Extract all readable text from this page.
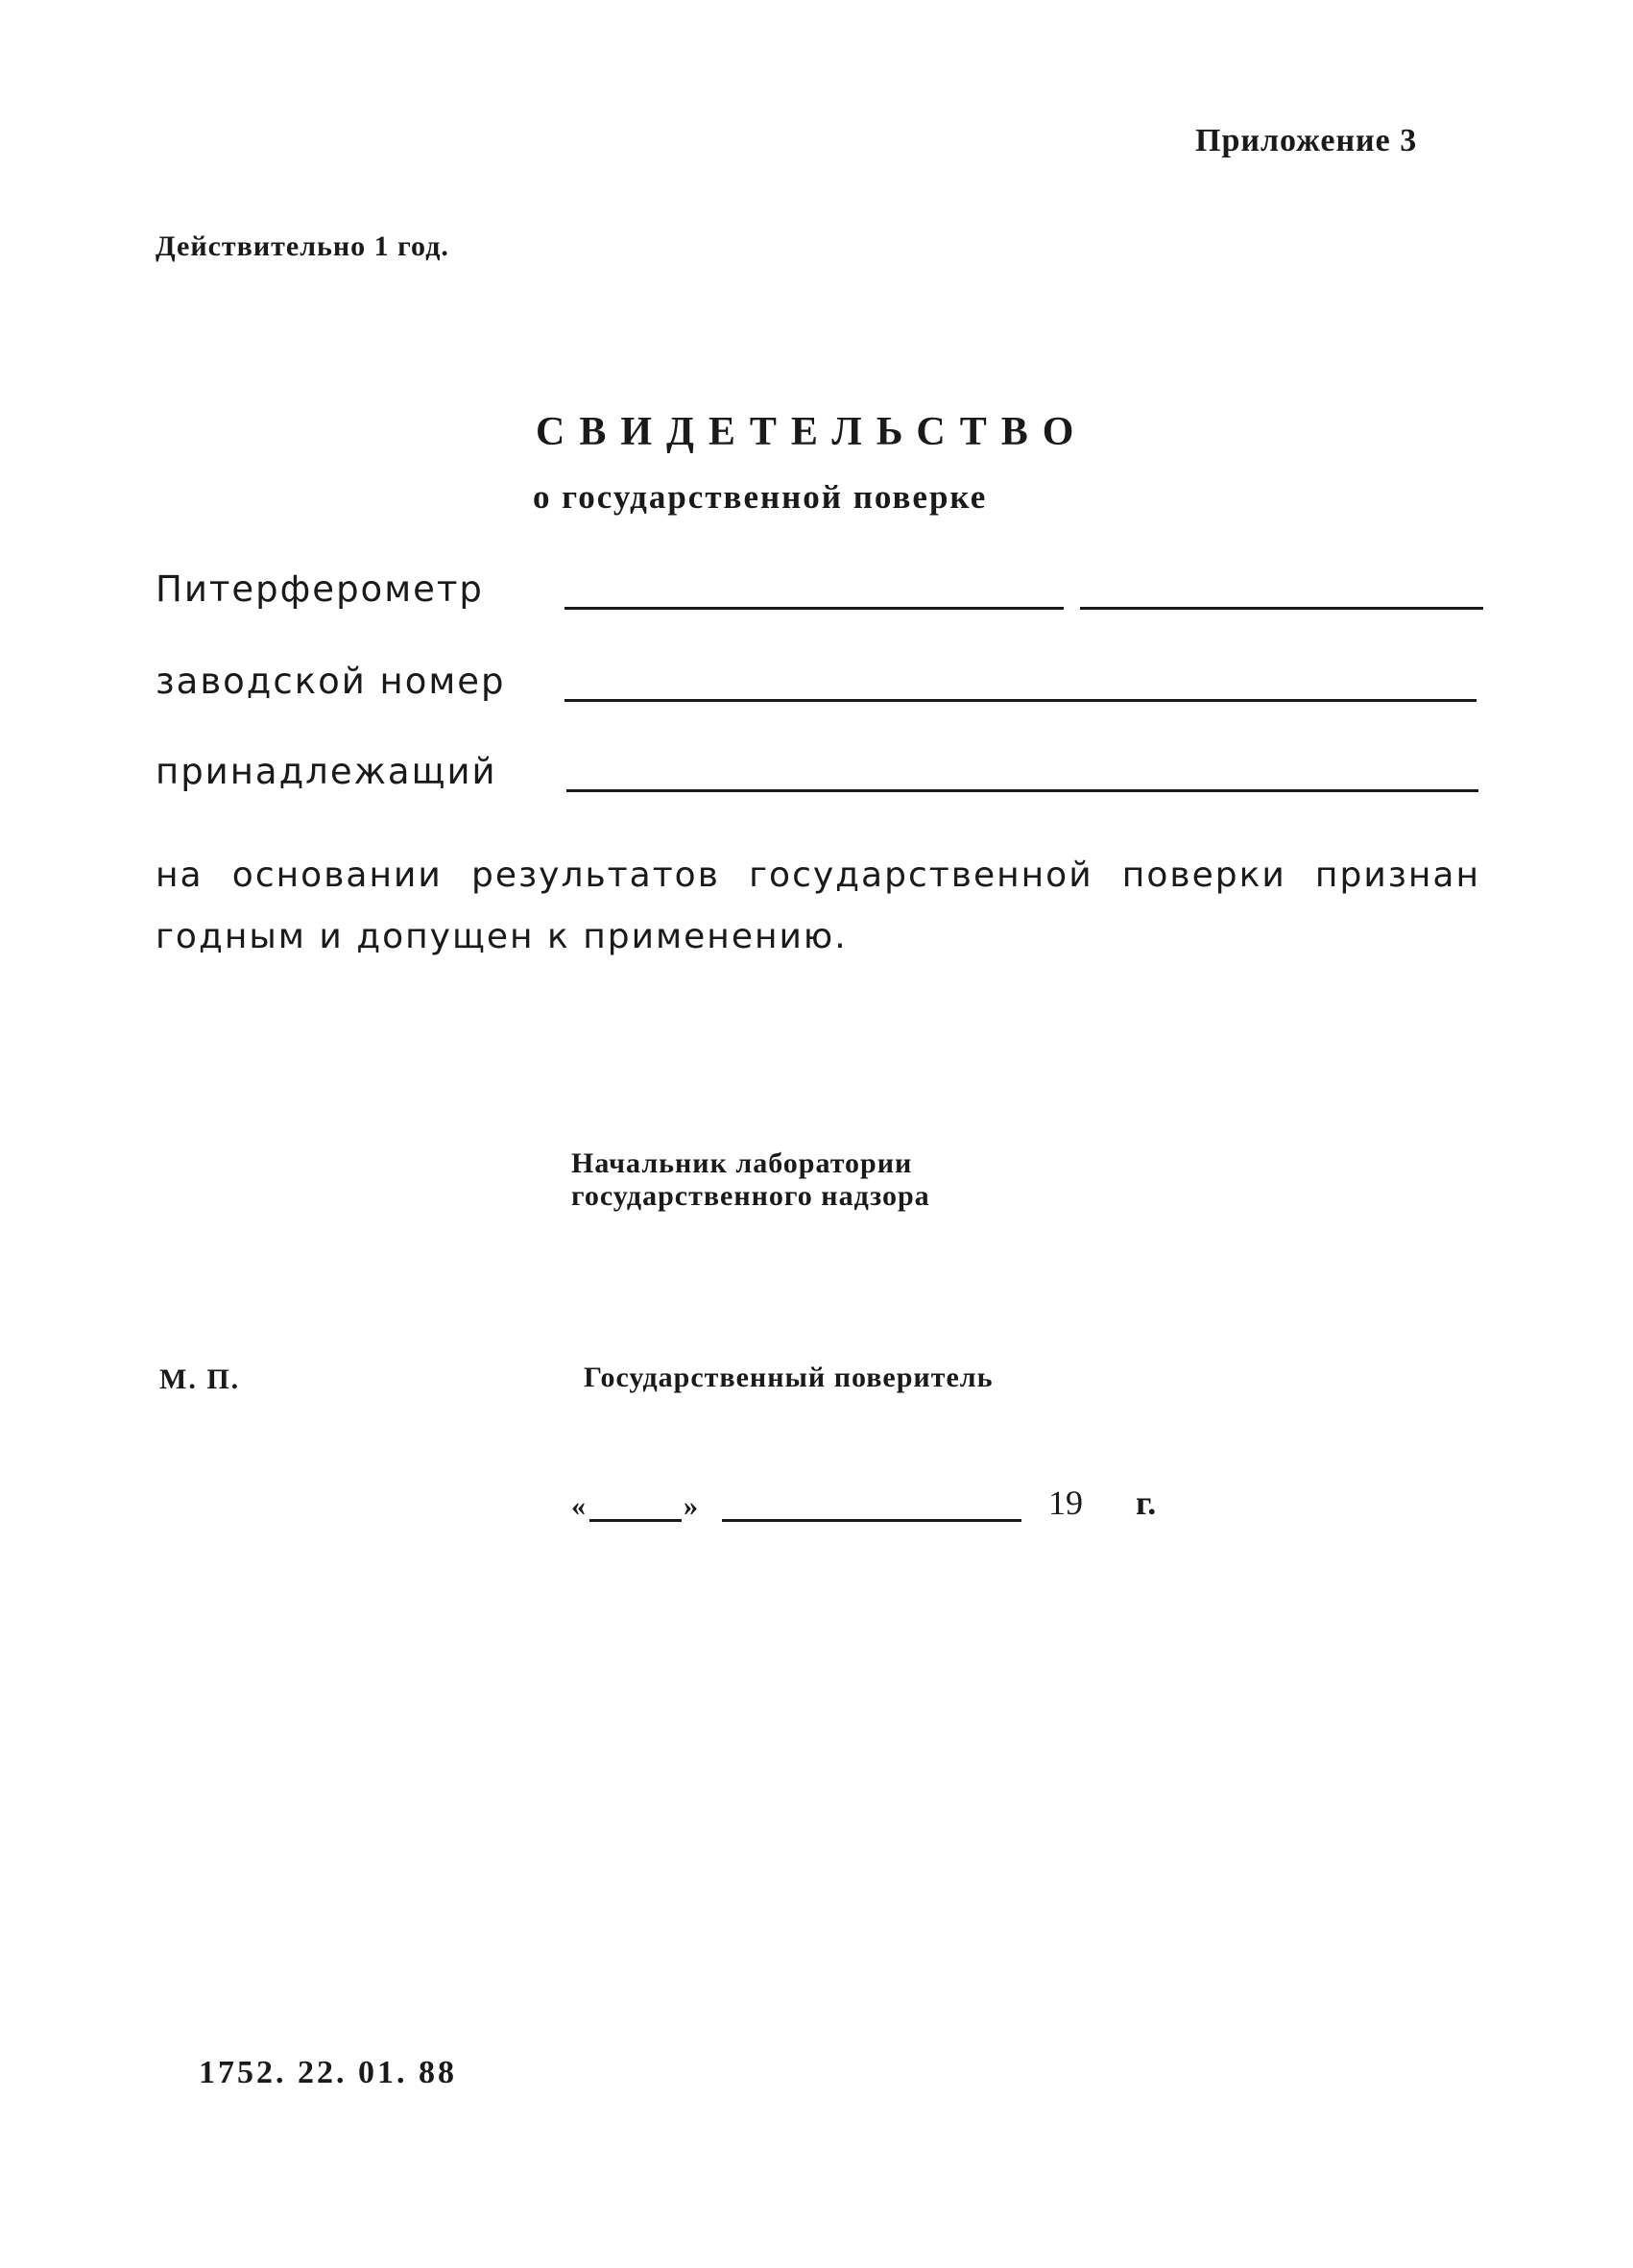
Приложение 3
Действительно 1 год.
СВИДЕТЕЛЬСТВО
о государственной поверке
Питерферометр
заводской номер
принадлежащий
на основании результатов государственной поверки признан годным и допущен к применению.
Начальник лаборатории
государственного надзора
М. П.	Государственный поверитель
«	»	19 г.
1752. 22. 01. 88
